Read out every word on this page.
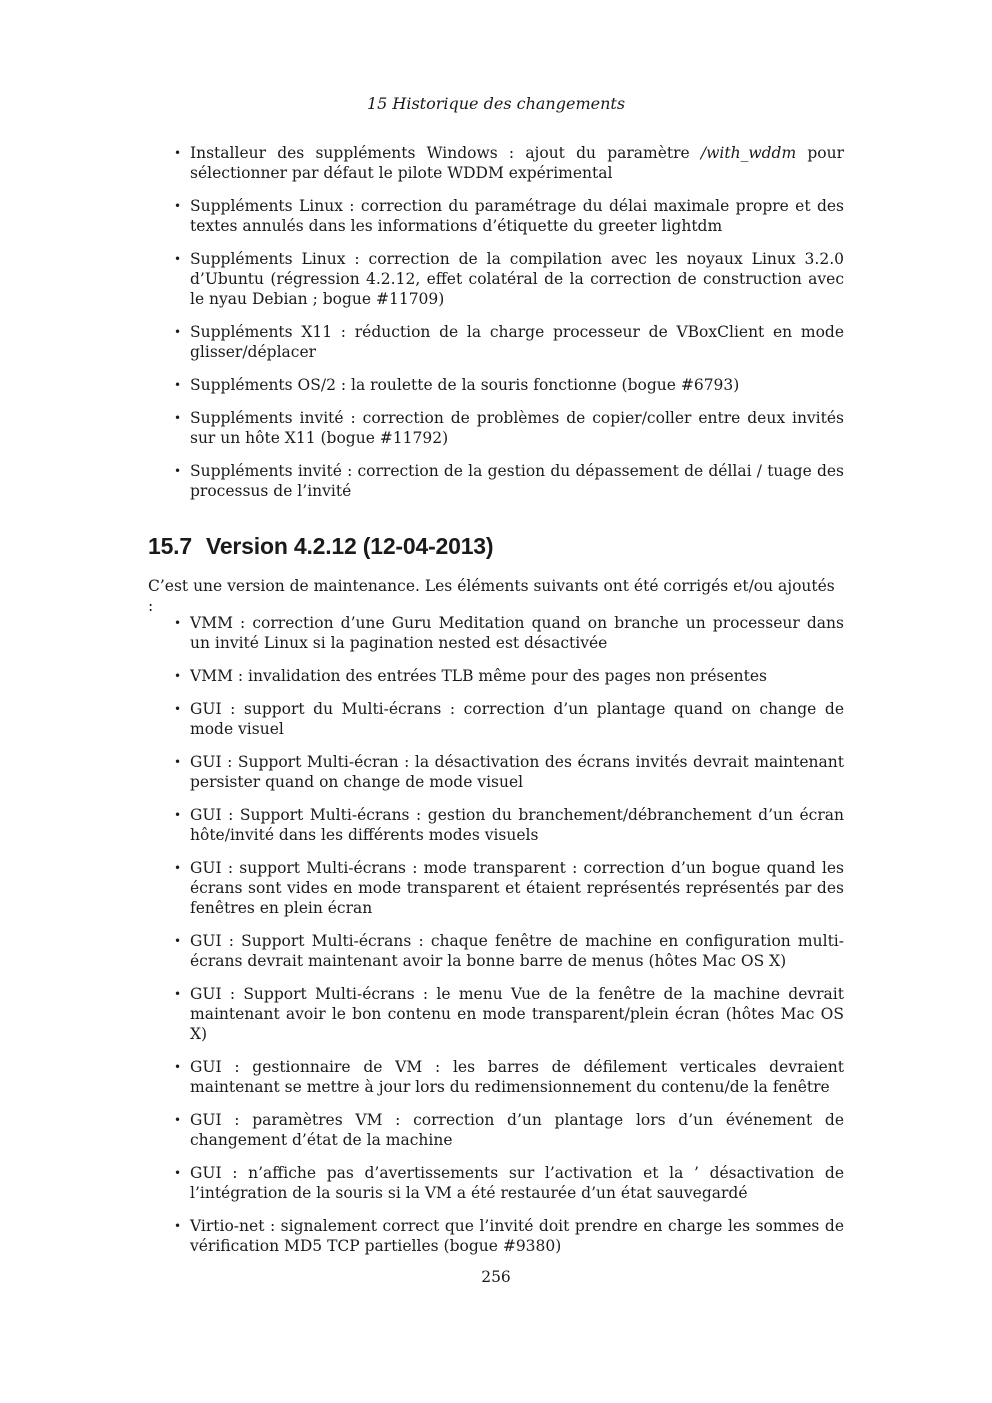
15 Historique des changements
• Installeur des suppléments Windows : ajout du paramètre /with_wddm pour sélectionner par défaut le pilote WDDM expérimental
• Suppléments Linux : correction du paramétrage du délai maximale propre et des textes annulés dans les informations d’étiquette du greeter lightdm
• Suppléments Linux : correction de la compilation avec les noyaux Linux 3.2.0 d’Ubuntu (régression 4.2.12, effet colatéral de la correction de construction avec le nyau Debian ; bogue #11709)
• Suppléments X11 : réduction de la charge processeur de VBoxClient en mode glisser/déplacer
• Suppléments OS/2 : la roulette de la souris fonctionne (bogue #6793)
• Suppléments invité : correction de problèmes de copier/coller entre deux invités sur un hôte X11 (bogue #11792)
• Suppléments invité : correction de la gestion du dépassement de déllai / tuage des processus de l’invité
15.7 Version 4.2.12 (12-04-2013)

C’est une version de maintenance. Les éléments suivants ont été corrigés et/ou ajoutés :

• VMM : correction d’une Guru Meditation quand on branche un processeur dans un invité Linux si la pagination nested est désactivée
• VMM : invalidation des entrées TLB même pour des pages non présentes
• GUI : support du Multi-écrans : correction d’un plantage quand on change de mode visuel
• GUI : Support Multi-écran : la désactivation des écrans invités devrait maintenant persister quand on change de mode visuel
• GUI : Support Multi-écrans : gestion du branchement/débranchement d’un écran hôte/invité dans les différents modes visuels
• GUI : support Multi-écrans : mode transparent : correction d’un bogue quand les écrans sont vides en mode transparent et étaient représentés représentés par des fenêtres en plein écran
• GUI : Support Multi-écrans : chaque fenêtre de machine en configuration multi-écrans devrait maintenant avoir la bonne barre de menus (hôtes Mac OS X)
• GUI : Support Multi-écrans : le menu Vue de la fenêtre de la machine devrait maintenant avoir le bon contenu en mode transparent/plein écran (hôtes Mac OS X)
• GUI : gestionnaire de VM : les barres de défilement verticales devraient maintenant se mettre à jour lors du redimensionnement du contenu/de la fenêtre
• GUI : paramètres VM : correction d’un plantage lors d’un événement de changement d’état de la machine
• GUI : n’affiche pas d’avertissements sur l’activation et la ’ désactivation de l’intégration de la souris si la VM a été restaurée d’un état sauvegardé
• Virtio-net : signalement correct que l’invité doit prendre en charge les sommes de vérification MD5 TCP partielles (bogue #9380)
256
